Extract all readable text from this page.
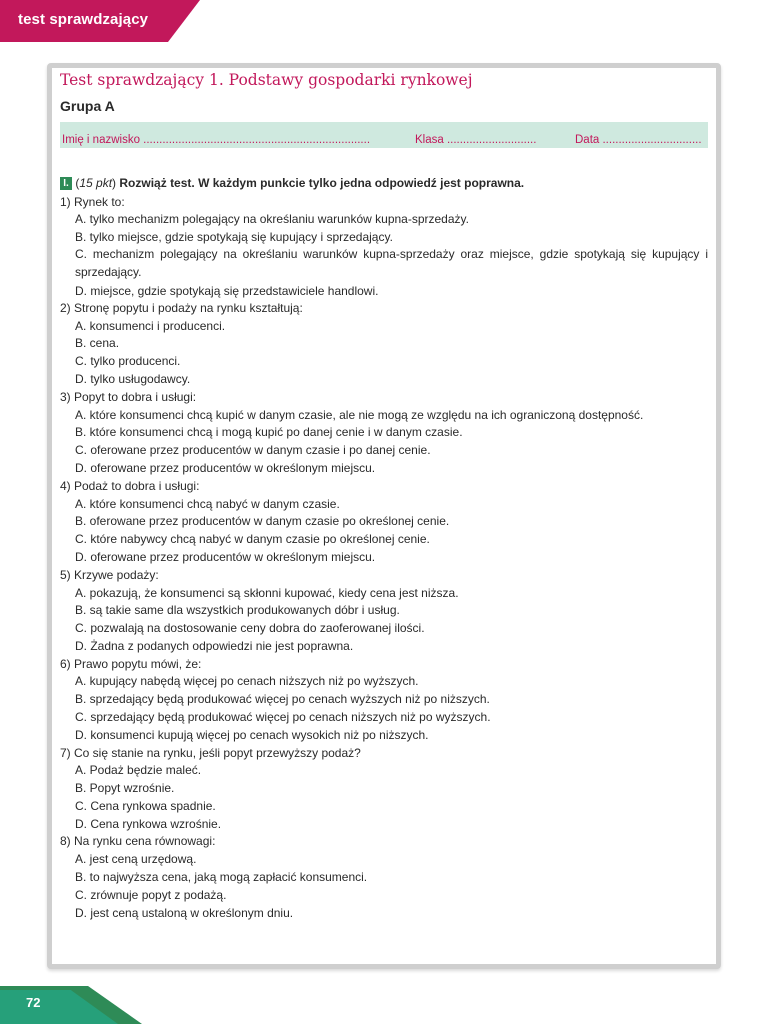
test sprawdzający
Test sprawdzający 1. Podstawy gospodarki rynkowej
Grupa A
Imię i nazwisko .......................................................................	Klasa ............................	Data ...............................
I. (15 pkt) Rozwiąż test. W każdym punkcie tylko jedna odpowiedź jest poprawna.
1) Rynek to:
A. tylko mechanizm polegający na określaniu warunków kupna-sprzedaży.
B. tylko miejsce, gdzie spotykają się kupujący i sprzedający.
C. mechanizm polegający na określaniu warunków kupna-sprzedaży oraz miejsce, gdzie spotykają się kupujący i sprzedający.
D. miejsce, gdzie spotykają się przedstawiciele handlowi.
2) Stronę popytu i podaży na rynku kształtują:
A. konsumenci i producenci.
B. cena.
C. tylko producenci.
D. tylko usługodawcy.
3) Popyt to dobra i usługi:
A. które konsumenci chcą kupić w danym czasie, ale nie mogą ze względu na ich ograniczoną dostępność.
B. które konsumenci chcą i mogą kupić po danej cenie i w danym czasie.
C. oferowane przez producentów w danym czasie i po danej cenie.
D. oferowane przez producentów w określonym miejscu.
4) Podaż to dobra i usługi:
A. które konsumenci chcą nabyć w danym czasie.
B. oferowane przez producentów w danym czasie po określonej cenie.
C. które nabywcy chcą nabyć w danym czasie po określonej cenie.
D. oferowane przez producentów w określonym miejscu.
5) Krzywe podaży:
A. pokazują, że konsumenci są skłonni kupować, kiedy cena jest niższa.
B. są takie same dla wszystkich produkowanych dóbr i usług.
C. pozwalają na dostosowanie ceny dobra do zaoferowanej ilości.
D. Żadna z podanych odpowiedzi nie jest poprawna.
6) Prawo popytu mówi, że:
A. kupujący nabędą więcej po cenach niższych niż po wyższych.
B. sprzedający będą produkować więcej po cenach wyższych niż po niższych.
C. sprzedający będą produkować więcej po cenach niższych niż po wyższych.
D. konsumenci kupują więcej po cenach wysokich niż po niższych.
7) Co się stanie na rynku, jeśli popyt przewyższy podaż?
A. Podaż będzie maleć.
B. Popyt wzrośnie.
C. Cena rynkowa spadnie.
D. Cena rynkowa wzrośnie.
8) Na rynku cena równowagi:
A. jest ceną urzędową.
B. to najwyższa cena, jaką mogą zapłacić konsumenci.
C. zrównuje popyt z podażą.
D. jest ceną ustaloną w określonym dniu.
72
